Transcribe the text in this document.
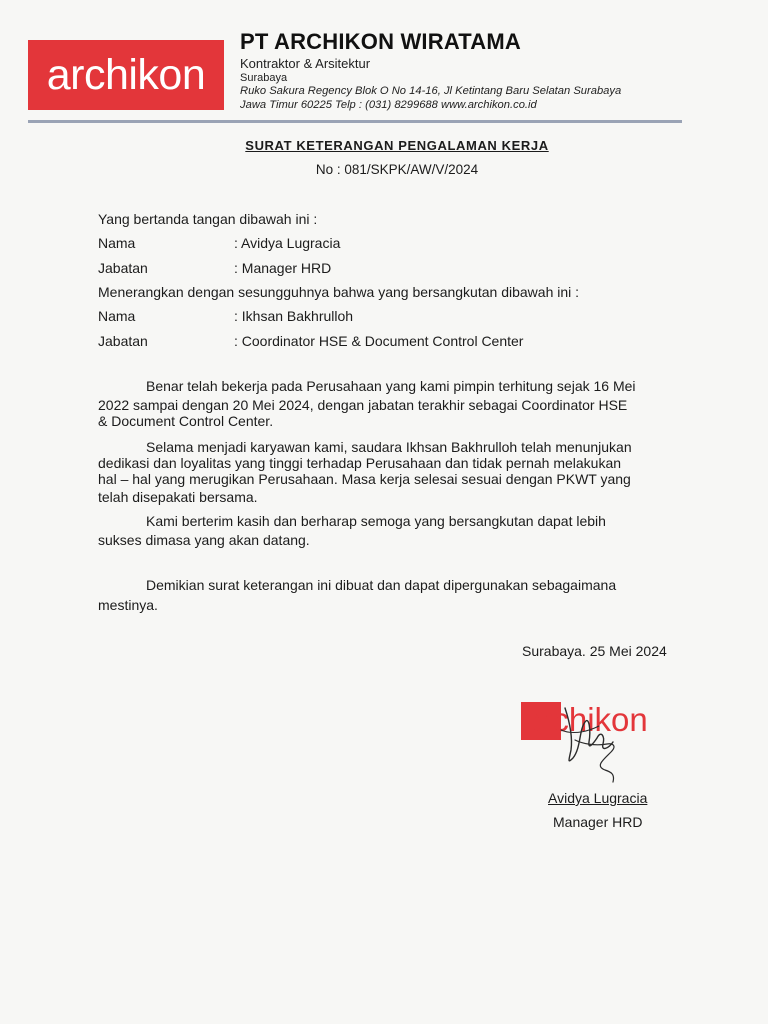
archikon
PT ARCHIKON WIRATAMA
Kontraktor & Arsitektur
Surabaya
Ruko Sakura Regency Blok O No 14-16, Jl Ketintang Baru Selatan Surabaya
Jawa Timur 60225 Telp : (031) 8299688 www.archikon.co.id
SURAT KETERANGAN PENGALAMAN KERJA
No : 081/SKPK/AW/V/2024
Yang bertanda tangan dibawah ini :
Nama	: Avidya Lugracia
Jabatan	: Manager HRD
Menerangkan dengan sesungguhnya bahwa yang bersangkutan dibawah ini :
Nama	: Ikhsan Bakhrulloh
Jabatan	: Coordinator HSE & Document Control Center
Benar telah bekerja pada Perusahaan yang kami pimpin terhitung sejak 16 Mei
2022 sampai dengan 20 Mei 2024, dengan jabatan terakhir sebagai Coordinator HSE
& Document Control Center.
Selama menjadi karyawan kami, saudara Ikhsan Bakhrulloh telah menunjukan
dedikasi dan loyalitas yang tinggi terhadap Perusahaan dan tidak pernah melakukan
hal – hal yang merugikan Perusahaan. Masa kerja selesai sesuai dengan PKWT yang
telah disepakati bersama.
Kami berterim kasih dan berharap semoga yang bersangkutan dapat lebih
sukses dimasa yang akan datang.
Demikian surat keterangan ini dibuat dan dapat dipergunakan sebagaimana
mestinya.
Surabaya. 25 Mei 2024
archikon
Avidya Lugracia
Manager HRD
